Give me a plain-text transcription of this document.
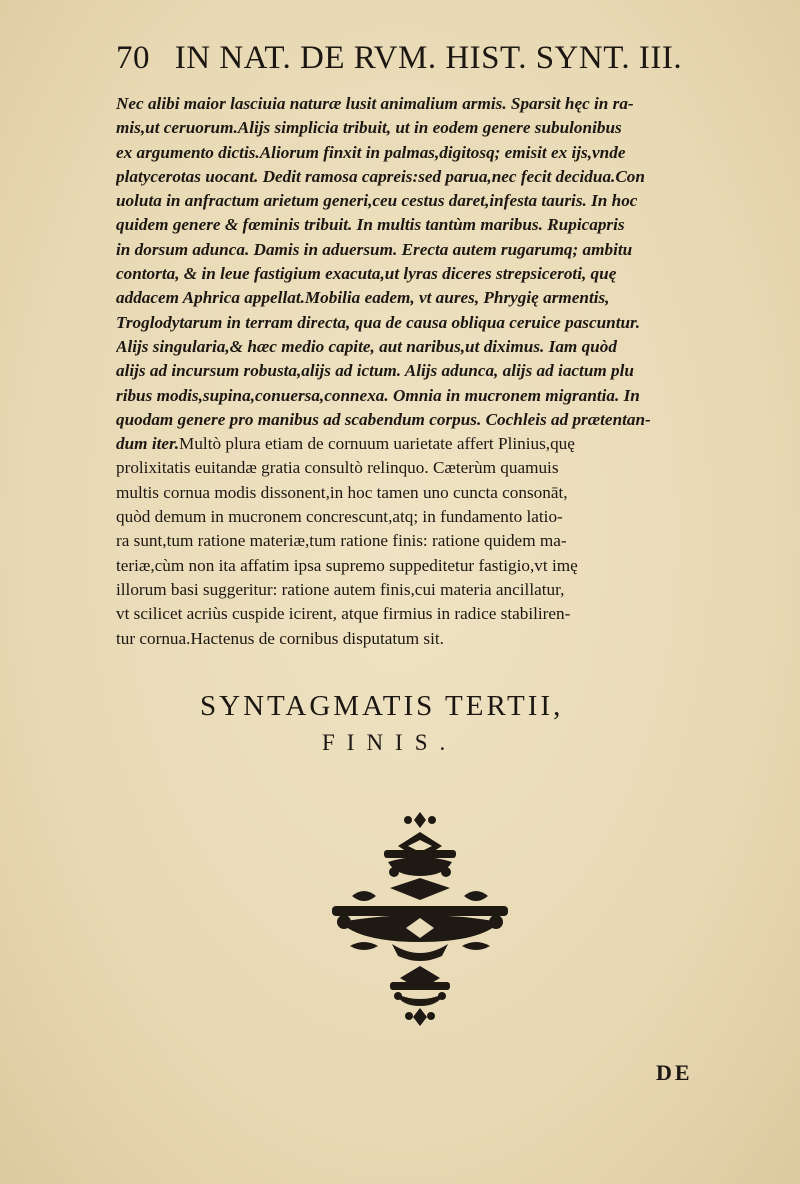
70 IN NAT. DE RVM. HIST. SYNT. III.
Nec alibi maior lasciuia naturæ lusit animalium armis. Sparsit hęc in ra-
mis,ut ceruorum.Alijs simplicia tribuit, ut in eodem genere subulonibus
ex argumento dictis.Aliorum finxit in palmas,digitosq; emisit ex ijs,vnde
platycerotas uocant. Dedit ramosa capreis:sed parua,nec fecit decidua.Con
uoluta in anfractum arietum generi,ceu cestus daret,infesta tauris. In hoc
quidem genere & fœminis tribuit. In multis tantùm maribus. Rupicapris
in dorsum adunca. Damis in aduersum. Erecta autem rugarumq; ambitu
contorta, & in leue fastigium exacuta,ut lyras diceres strepsiceroti, quę
addacem Aphrica appellat.Mobilia eadem, vt aures, Phrygię armentis,
Troglodytarum in terram directa, qua de causa obliqua ceruice pascuntur.
Alijs singularia,& hæc medio capite, aut naribus,ut diximus. Iam quòd
alijs ad incursum robusta,alijs ad ictum. Alijs adunca, alijs ad iactum plu
ribus modis,supina,conuersa,connexa. Omnia in mucronem migrantia. In
quodam genere pro manibus ad scabendum corpus. Cochleis ad prætentan-
dum iter.Multò plura etiam de cornuum uarietate affert Plinius,quę
prolixitatis euitandæ gratia consultò relinquo. Cæterùm quamuis
multis cornua modis dissonent,in hoc tamen uno cuncta consonāt,
quòd demum in mucronem concrescunt,atq; in fundamento latio-
ra sunt,tum ratione materiæ,tum ratione finis: ratione quidem ma-
teriæ,cùm non ita affatim ipsa supremo suppeditetur fastigio,vt imę
illorum basi suggeritur: ratione autem finis,cui materia ancillatur,
vt scilicet acriùs cuspide icirent, atque firmius in radice stabiliren-
tur cornua.Hactenus de cornibus disputatum sit.
SYNTAGMATIS TERTII,
FINIS.
DE
